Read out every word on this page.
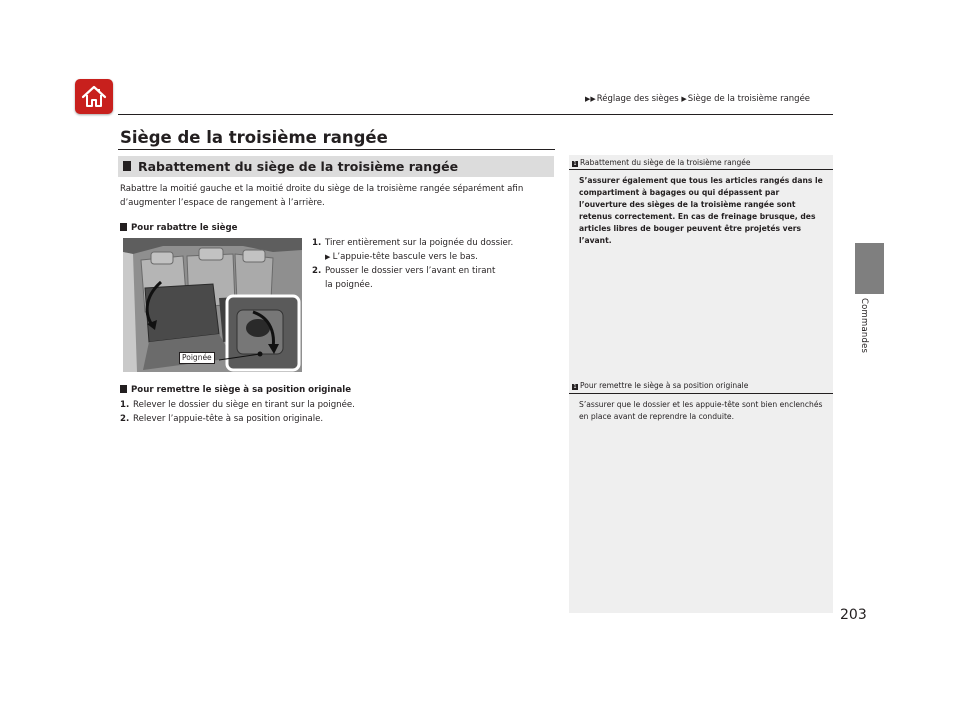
▶▶Réglage des sièges ▶Siège de la troisième rangée
Commandes
Siège de la troisième rangée
Rabattement du siège de la troisième rangée
Rabattre la moitié gauche et la moitié droite du siège de la troisième rangée séparément afin d’augmenter l’espace de rangement à l’arrière.
Pour rabattre le siège
Poignée
1. Tirer entièrement sur la poignée du dossier.
▶ L’appuie-tête bascule vers le bas.
2. Pousser le dossier vers l’avant en tirant la poignée.
Pour remettre le siège à sa position originale
1. Relever le dossier du siège en tirant sur la poignée.
2. Relever l’appuie-tête à sa position originale.
1 Rabattement du siège de la troisième rangée
S’assurer également que tous les articles rangés dans le compartiment à bagages ou qui dépassent par l’ouverture des sièges de la troisième rangée sont retenus correctement. En cas de freinage brusque, des articles libres de bouger peuvent être projetés vers l’avant.
1 Pour remettre le siège à sa position originale
S’assurer que le dossier et les appuie-tête sont bien enclenchés en place avant de reprendre la conduite.
203
